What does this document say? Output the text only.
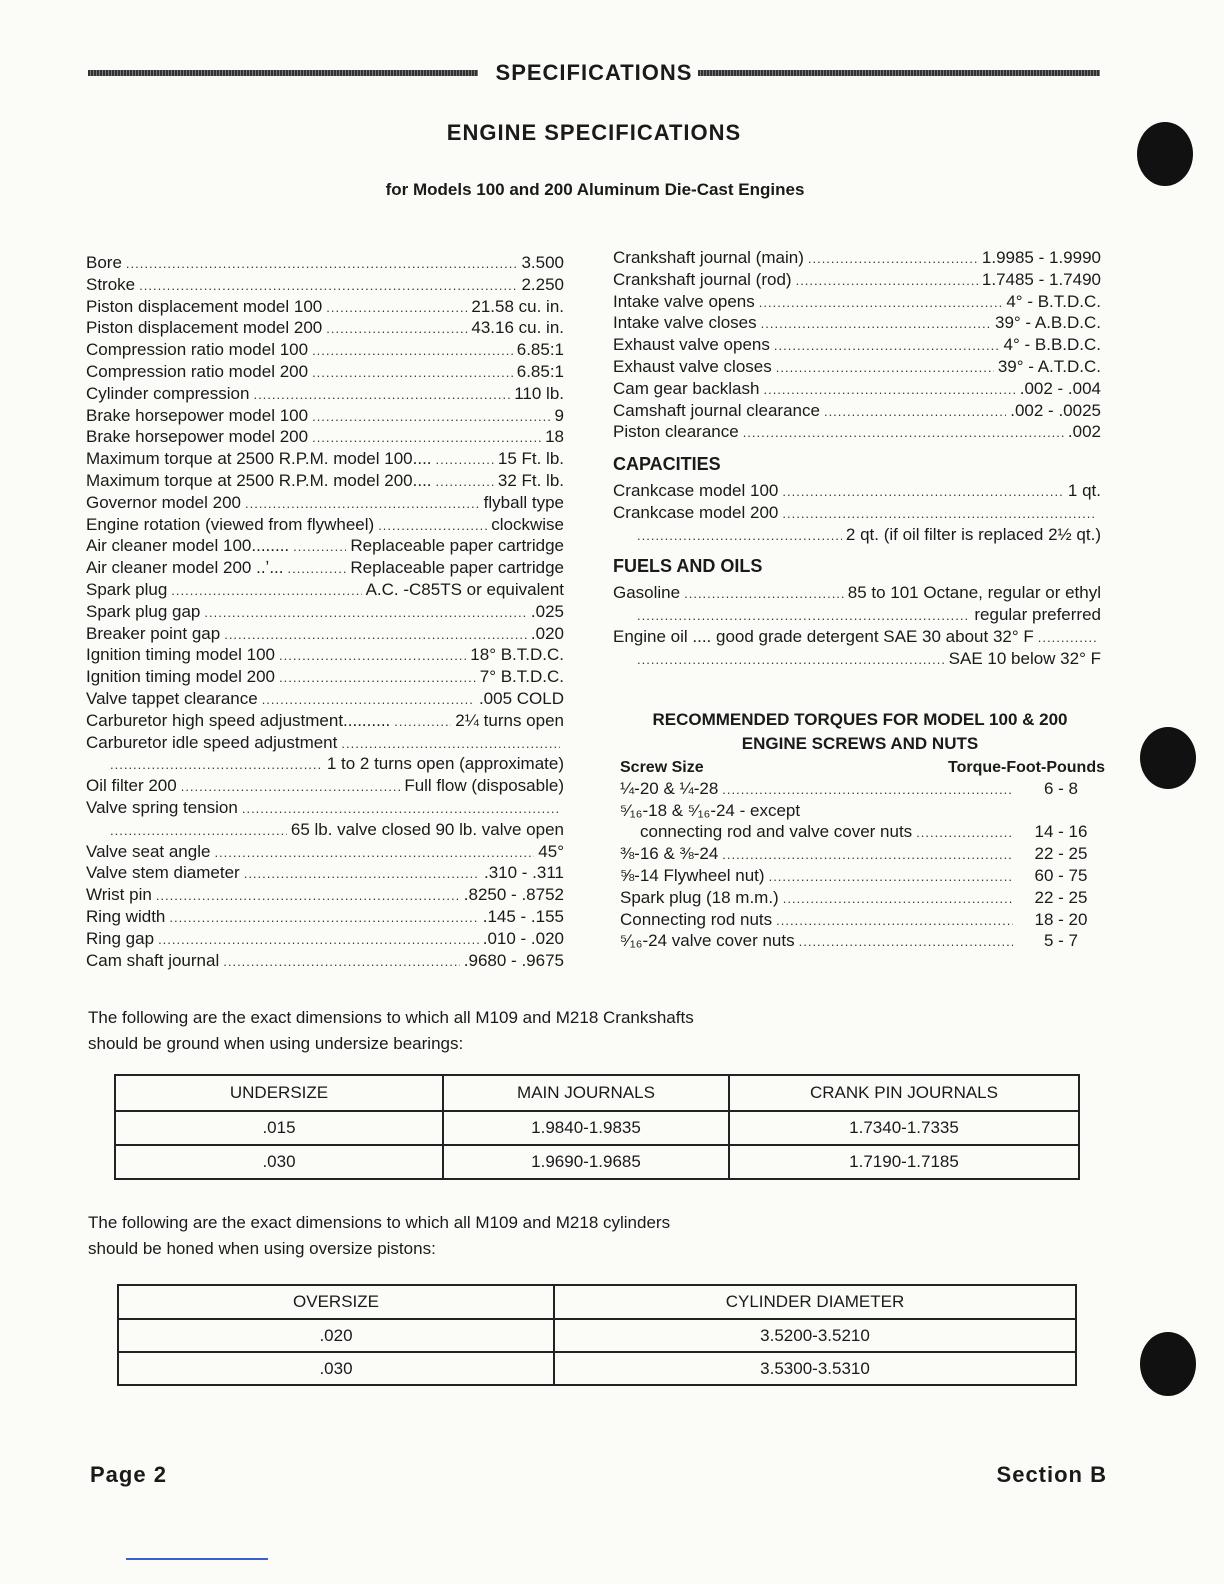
SPECIFICATIONS
ENGINE SPECIFICATIONS
for Models 100 and 200 Aluminum Die-Cast Engines
Bore .....	3.500
Stroke .....	2.250
Piston displacement model 100 .....	21.58 cu. in.
Piston displacement model 200 .....	43.16 cu. in.
Compression ratio model 100 .....	6.85:1
Compression ratio model 200 .....	6.85:1
Cylinder compression .....	110 lb.
Brake horsepower model 100 .....	9
Brake horsepower model 200 .....	18
Maximum torque at 2500 R.P.M. model 100.... .....	15 Ft. lb.
Maximum torque at 2500 R.P.M. model 200.... .....	32 Ft. lb.
Governor model 200 .....	flyball type
Engine rotation (viewed from flywheel) .....	clockwise
Air cleaner model 100........ .....	Replaceable paper cartridge
Air cleaner model 200 ..ʼ... .....	Replaceable paper cartridge
Spark plug .....	A.C. -C85TS or equivalent
Spark plug gap .....	.025
Breaker point gap .....	.020
Ignition timing model 100 .....	18° B.T.D.C.
Ignition timing model 200 .....	7° B.T.D.C.
Valve tappet clearance .....	.005 COLD
Carburetor high speed adjustment.......... .....	2¼ turns open
Carburetor idle speed adjustment
.....
.....
1 to 2 turns open (approximate)
Oil filter 200 .....	Full flow (disposable)
Valve spring tension
.....
.....
65 lb. valve closed 90 lb. valve open
Valve seat angle .....	45°
Valve stem diameter .....	.310 - .311
Wrist pin .....	.8250 - .8752
Ring width .....	.145 - .155
Ring gap .....	.010 - .020
Cam shaft journal .....	.9680 - .9675
Crankshaft journal (main) .....	1.9985 - 1.9990
Crankshaft journal (rod) .....	1.7485 - 1.7490
Intake valve opens .....	4° - B.T.D.C.
Intake valve closes .....	39° - A.B.D.C.
Exhaust valve opens .....	4° - B.B.D.C.
Exhaust valve closes .....	39° - A.T.D.C.
Cam gear backlash .....	.002 - .004
Camshaft journal clearance .....	.002 - .0025
Piston clearance .....	.002
CAPACITIES
Crankcase model 100 .....	1 qt.
Crankcase model 200
.....
.....
2 qt. (if oil filter is replaced 2½ qt.)
FUELS AND OILS
Gasoline .....	85 to 101 Octane, regular or ethyl
.....
regular preferred
Engine oil .... good grade detergent SAE 30 about 32° F
.....
.....
SAE 10 below 32° F
RECOMMENDED TORQUES FOR MODEL 100 & 200
ENGINE SCREWS AND NUTS
Screw Size	Torque-Foot-Pounds
¼-20 & ¼-28 .....	6 - 8
⁵⁄₁₆-18 & ⁵⁄₁₆-24 - except
connecting rod and valve cover nuts .....	14 - 16
⅜-16 & ⅜-24 .....	22 - 25
⅝-14 Flywheel nut) .....	60 - 75
Spark plug (18 m.m.) .....	22 - 25
Connecting rod nuts .....	18 - 20
⁵⁄₁₆-24 valve cover nuts .....	5 - 7
The following are the exact dimensions to which all M109 and M218 Crankshafts
should be ground when using undersize bearings:
UNDERSIZE	MAIN JOURNALS	CRANK PIN JOURNALS
.015	1.9840-1.9835	1.7340-1.7335
.030	1.9690-1.9685	1.7190-1.7185
The following are the exact dimensions to which all M109 and M218 cylinders
should be honed when using oversize pistons:
OVERSIZE	CYLINDER DIAMETER
.020	3.5200-3.5210
.030	3.5300-3.5310
Page 2	Section B
